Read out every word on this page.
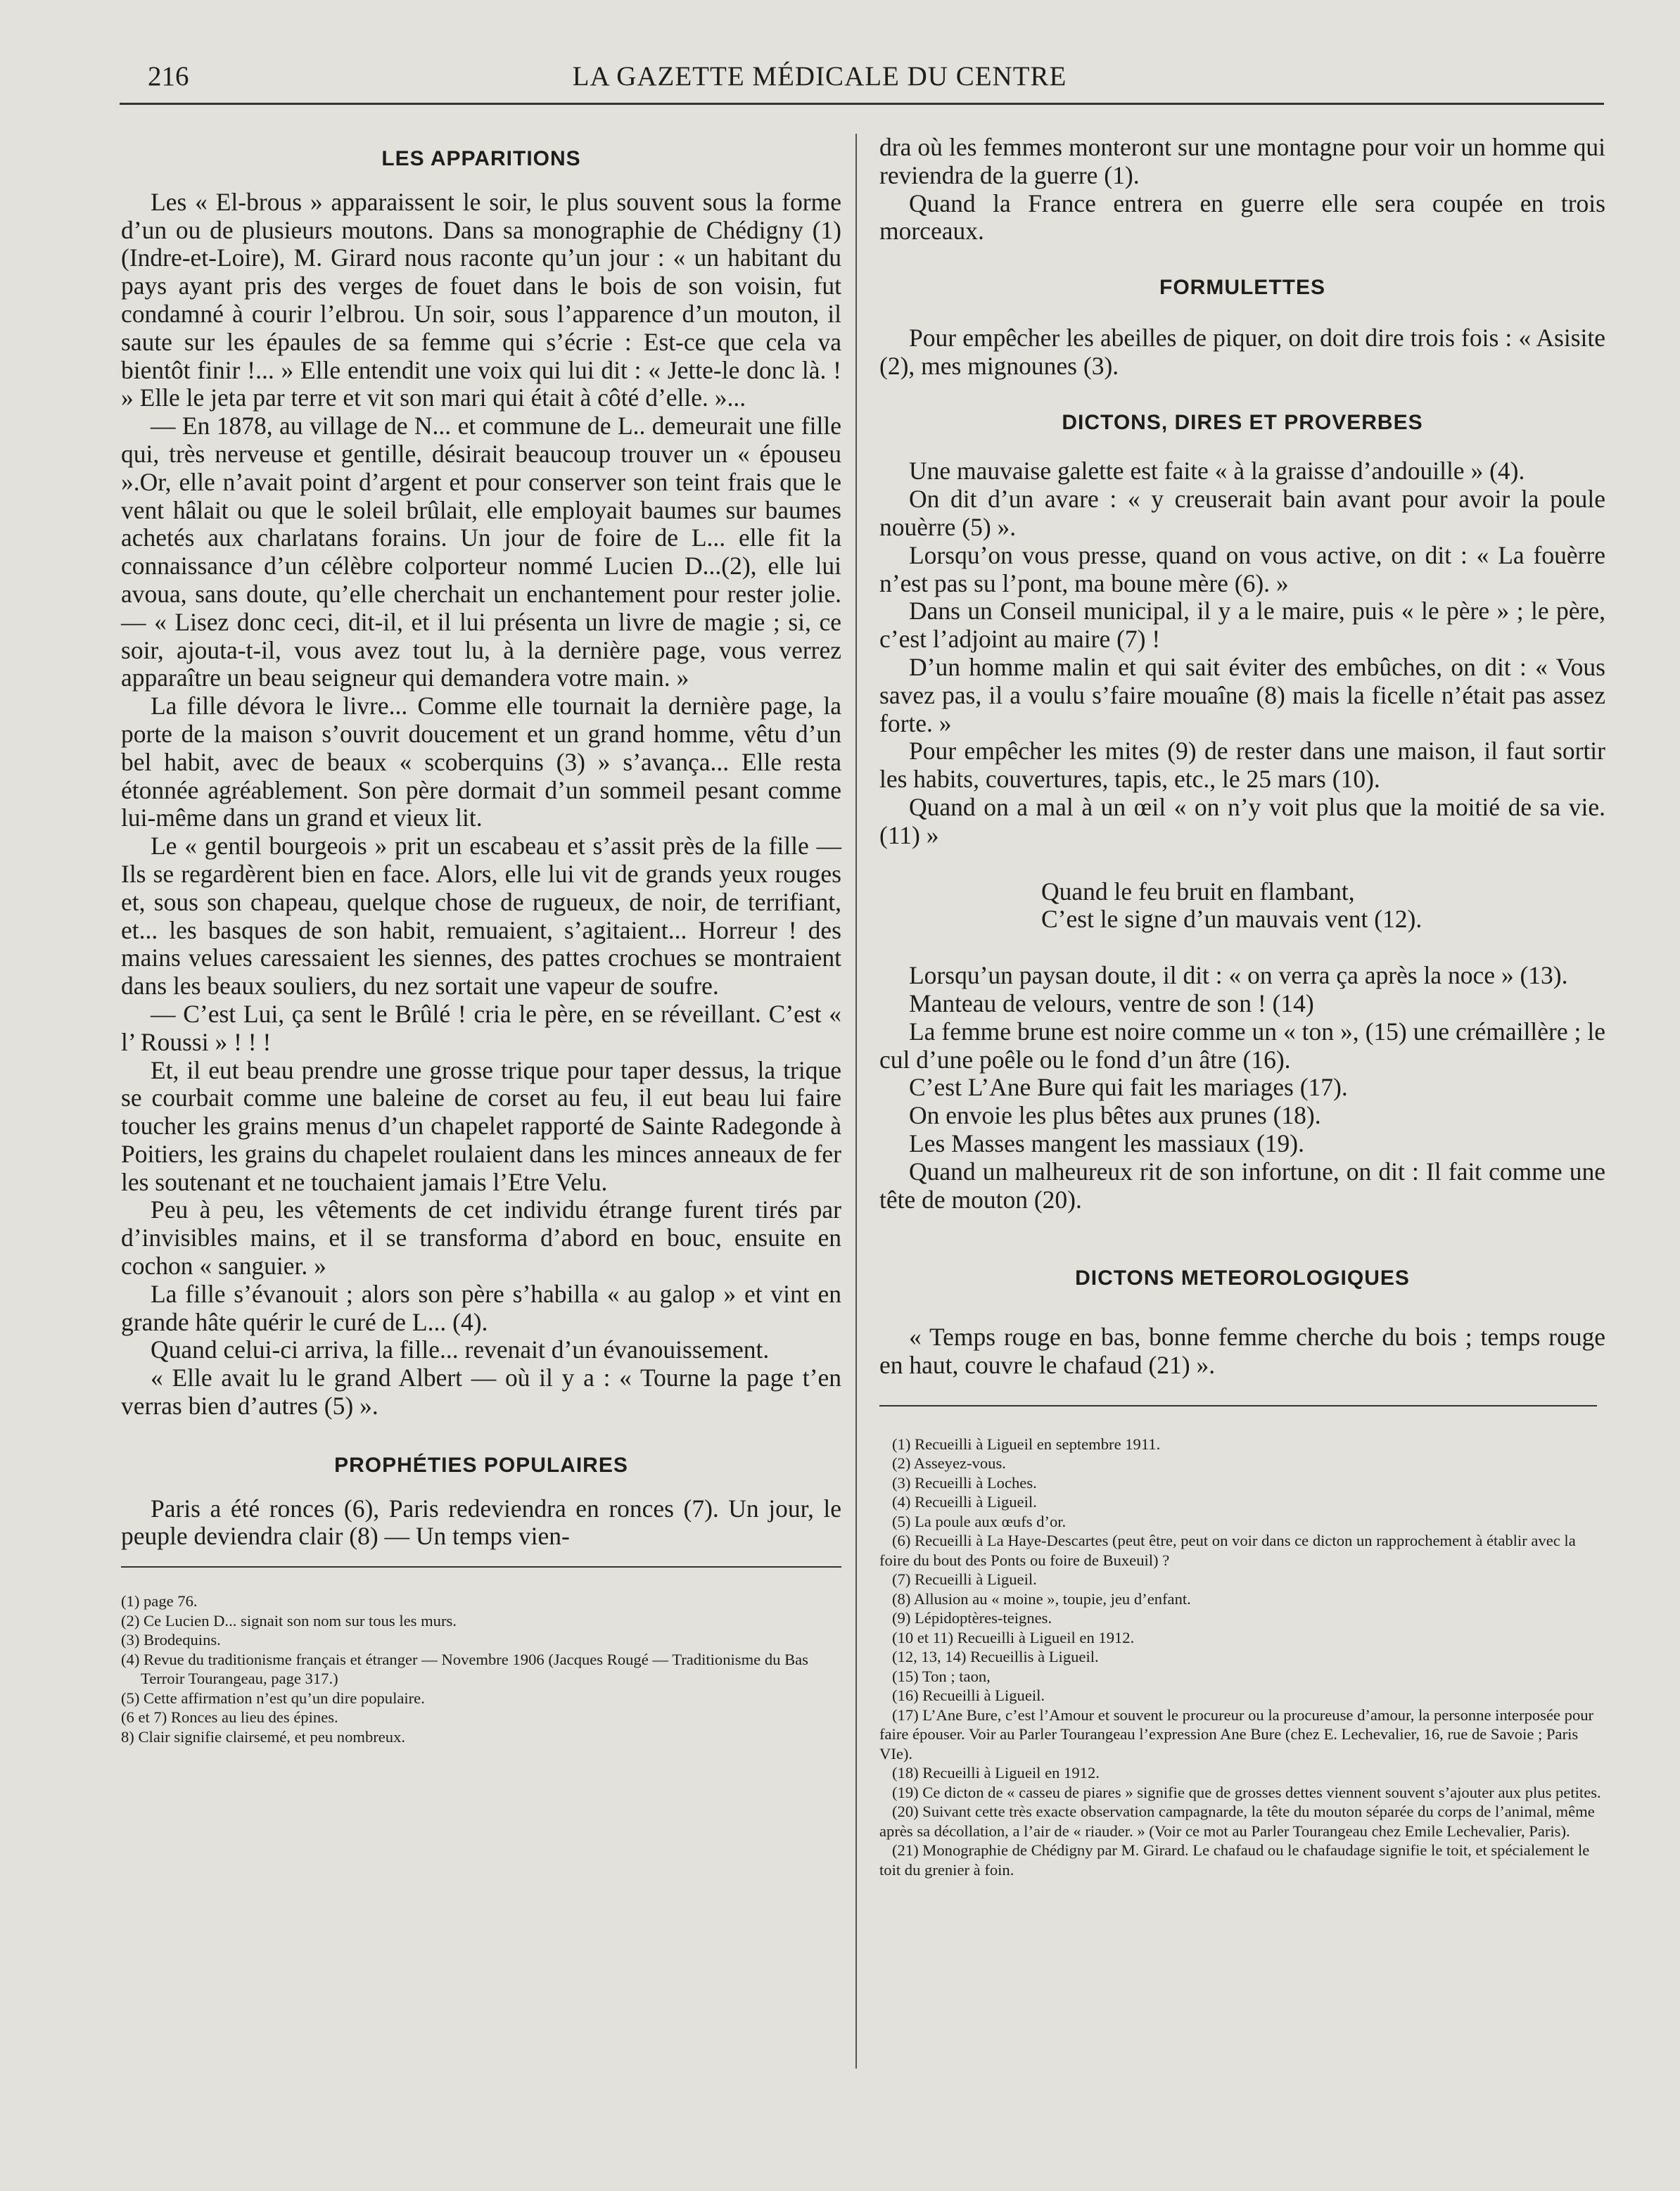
216	LA GAZETTE MÉDICALE DU CENTRE
LES APPARITIONS

Les « El-brous » apparaissent le soir, le plus souvent sous la forme d’un ou de plusieurs moutons. Dans sa monographie de Chédigny (1) (Indre-et-Loire), M. Girard nous raconte qu’un jour : « un habitant du pays ayant pris des verges de fouet dans le bois de son voisin, fut condamné à courir l’elbrou. Un soir, sous l’apparence d’un mouton, il saute sur les épaules de sa femme qui s’écrie : Est-ce que cela va bientôt finir !... » Elle entendit une voix qui lui dit : « Jette-le donc là. ! » Elle le jeta par terre et vit son mari qui était à côté d’elle. »...

— En 1878, au village de N... et commune de L.. demeurait une fille qui, très nerveuse et gentille, désirait beaucoup trouver un « épouseu ».Or, elle n’avait point d’argent et pour conserver son teint frais que le vent hâlait ou que le soleil brûlait, elle employait baumes sur baumes achetés aux charlatans forains. Un jour de foire de L... elle fit la connaissance d’un célèbre colporteur nommé Lucien D...(2), elle lui avoua, sans doute, qu’elle cherchait un enchantement pour rester jolie. — « Lisez donc ceci, dit-il, et il lui présenta un livre de magie ; si, ce soir, ajouta-t-il, vous avez tout lu, à la dernière page, vous verrez apparaître un beau seigneur qui demandera votre main. »

La fille dévora le livre... Comme elle tournait la dernière page, la porte de la maison s’ouvrit doucement et un grand homme, vêtu d’un bel habit, avec de beaux « scoberquins (3) » s’avança... Elle resta étonnée agréablement. Son père dormait d’un sommeil pesant comme lui-même dans un grand et vieux lit.

Le « gentil bourgeois » prit un escabeau et s’assit près de la fille — Ils se regardèrent bien en face. Alors, elle lui vit de grands yeux rouges et, sous son chapeau, quelque chose de rugueux, de noir, de terrifiant, et... les basques de son habit, remuaient, s’agitaient... Horreur ! des mains velues caressaient les siennes, des pattes crochues se montraient dans les beaux souliers, du nez sortait une vapeur de soufre.

— C’est Lui, ça sent le Brûlé ! cria le père, en se réveillant. C’est « l’ Roussi » ! ! !

Et, il eut beau prendre une grosse trique pour taper dessus, la trique se courbait comme une baleine de corset au feu, il eut beau lui faire toucher les grains menus d’un chapelet rapporté de Sainte Radegonde à Poitiers, les grains du chapelet roulaient dans les minces anneaux de fer les soutenant et ne touchaient jamais l’Etre Velu.

Peu à peu, les vêtements de cet individu étrange furent tirés par d’invisibles mains, et il se transforma d’abord en bouc, ensuite en cochon « sanguier. »

La fille s’évanouit ; alors son père s’habilla « au galop » et vint en grande hâte quérir le curé de L... (4).

Quand celui-ci arriva, la fille... revenait d’un évanouissement.

« Elle avait lu le grand Albert — où il y a : « Tourne la page t’en verras bien d’autres (5) ».

PROPHÉTIES POPULAIRES

Paris a été ronces (6), Paris redeviendra en ronces (7). Un jour, le peuple deviendra clair (8) — Un temps vien-

(1) page 76.
(2) Ce Lucien D... signait son nom sur tous les murs.
(3) Brodequins.
(4) Revue du traditionisme français et étranger — Novembre 1906 (Jacques Rougé — Traditionisme du Bas Terroir Tourangeau, page 317.)
(5) Cette affirmation n’est qu’un dire populaire.
(6 et 7) Ronces au lieu des épines.
8) Clair signifie clairsemé, et peu nombreux.

dra où les femmes monteront sur une montagne pour voir un homme qui reviendra de la guerre (1).

Quand la France entrera en guerre elle sera coupée en trois morceaux.

FORMULETTES

Pour empêcher les abeilles de piquer, on doit dire trois fois : « Asisite (2), mes mignounes (3).

DICTONS, DIRES ET PROVERBES

Une mauvaise galette est faite « à la graisse d’andouille » (4).

On dit d’un avare : « y creuserait bain avant pour avoir la poule nouèrre (5) ».

Lorsqu’on vous presse, quand on vous active, on dit : « La fouèrre n’est pas su l’pont, ma boune mère (6). »

Dans un Conseil municipal, il y a le maire, puis « le père » ; le père, c’est l’adjoint au maire (7) !

D’un homme malin et qui sait éviter des embûches, on dit : « Vous savez pas, il a voulu s’faire mouaîne (8) mais la ficelle n’était pas assez forte. »

Pour empêcher les mites (9) de rester dans une maison, il faut sortir les habits, couvertures, tapis, etc., le 25 mars (10).

Quand on a mal à un œil « on n’y voit plus que la moitié de sa vie. (11) »

Quand le feu bruit en flambant,
C’est le signe d’un mauvais vent (12).

Lorsqu’un paysan doute, il dit : « on verra ça après la noce » (13).

Manteau de velours, ventre de son ! (14)

La femme brune est noire comme un « ton », (15) une crémaillère ; le cul d’une poêle ou le fond d’un âtre (16).

C’est L’Ane Bure qui fait les mariages (17).

On envoie les plus bêtes aux prunes (18).

Les Masses mangent les massiaux (19).

Quand un malheureux rit de son infortune, on dit : Il fait comme une tête de mouton (20).

DICTONS METEOROLOGIQUES

« Temps rouge en bas, bonne femme cherche du bois ; temps rouge en haut, couvre le chafaud (21) ».

(1) Recueilli à Ligueil en septembre 1911.
(2) Asseyez-vous.
(3) Recueilli à Loches.
(4) Recueilli à Ligueil.
(5) La poule aux œufs d’or.
(6) Recueilli à La Haye-Descartes (peut être, peut on voir dans ce dicton un rapprochement à établir avec la foire du bout des Ponts ou foire de Buxeuil) ?
(7) Recueilli à Ligueil.
(8) Allusion au « moine », toupie, jeu d’enfant.
(9) Lépidoptères-teignes.
(10 et 11) Recueilli à Ligueil en 1912.
(12, 13, 14) Recueillis à Ligueil.
(15) Ton ; taon,
(16) Recueilli à Ligueil.
(17) L’Ane Bure, c’est l’Amour et souvent le procureur ou la procureuse d’amour, la personne interposée pour faire épouser. Voir au Parler Tourangeau l’expression Ane Bure (chez E. Lechevalier, 16, rue de Savoie ; Paris VIe).
(18) Recueilli à Ligueil en 1912.
(19) Ce dicton de « casseu de piares » signifie que de grosses dettes viennent souvent s’ajouter aux plus petites.
(20) Suivant cette très exacte observation campagnarde, la tête du mouton séparée du corps de l’animal, même après sa décollation, a l’air de « riauder. » (Voir ce mot au Parler Tourangeau chez Emile Lechevalier, Paris).
(21) Monographie de Chédigny par M. Girard. Le chafaud ou le chafaudage signifie le toit, et spécialement le toit du grenier à foin.
